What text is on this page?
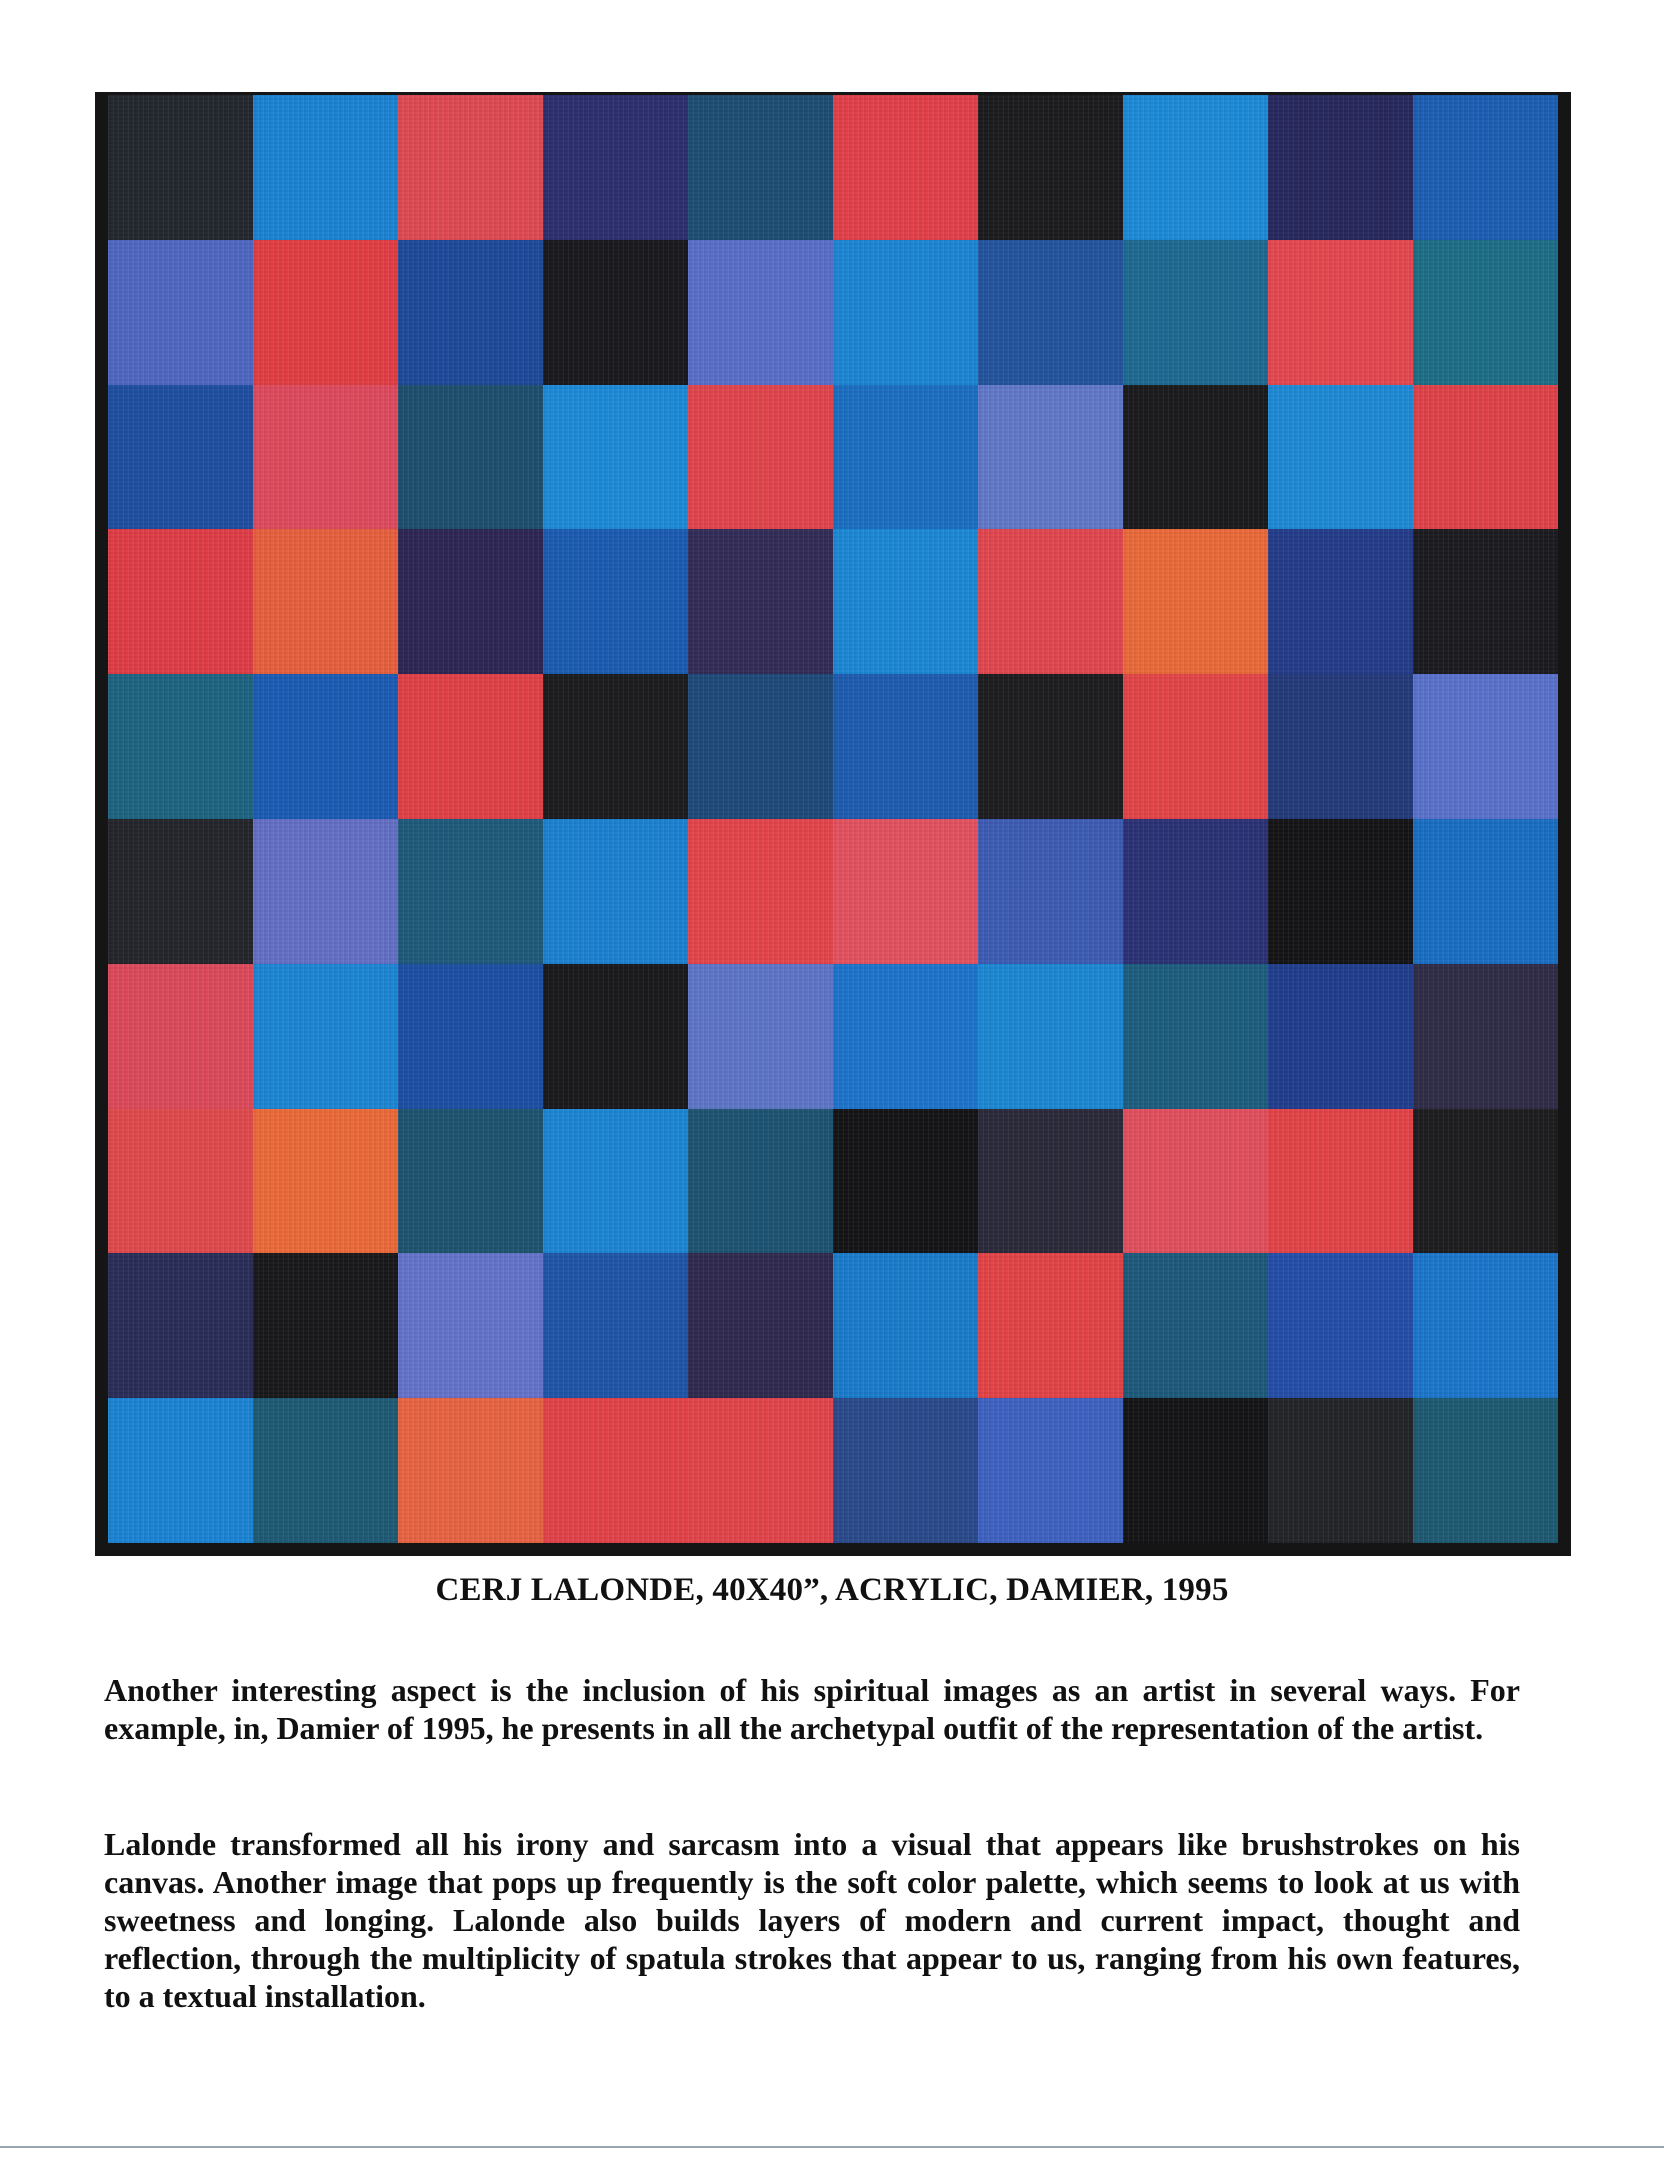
CERJ LALONDE, 40X40”, ACRYLIC, DAMIER, 1995

Another interesting aspect is the inclusion of his spiritual images as an artist in several ways. For example, in, Damier of 1995, he presents in all the archetypal outfit of the representation of the artist.

Lalonde transformed all his irony and sarcasm into a visual that appears like brushstrokes on his canvas. Another image that pops up frequently is the soft color palette, which seems to look at us with sweetness and longing. Lalonde also builds layers of modern and current impact, thought and reflection, through the multiplicity of spatula strokes that appear to us, ranging from his own features, to a textual installation.
